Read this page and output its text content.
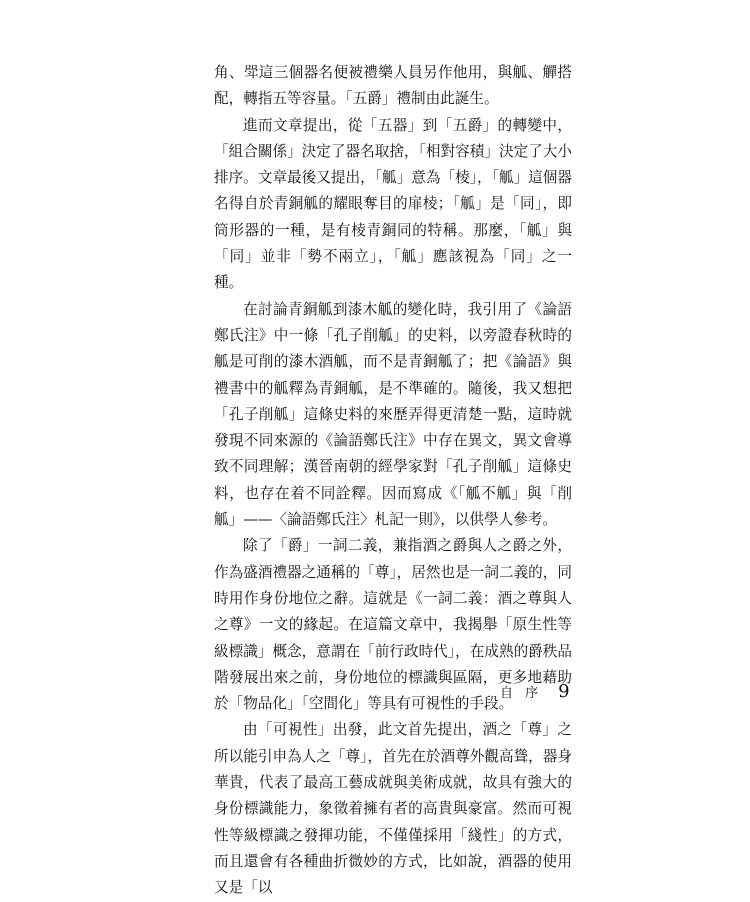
角、斝這三個器名便被禮樂人員另作他用，與觚、觶搭配，轉指五等容量。「五爵」禮制由此誕生。

進而文章提出，從「五器」到「五爵」的轉變中，「組合關係」決定了器名取捨，「相對容積」決定了大小排序。文章最後又提出，「觚」意為「棱」，「觚」這個器名得自於青銅觚的耀眼奪目的扉棱；「觚」是「同」，即筒形器的一種，是有棱青銅同的特稱。那麼，「觚」與「同」並非「勢不兩立」，「觚」應該視為「同」之一種。

在討論青銅觚到漆木觚的變化時，我引用了《論語鄭氏注》中一條「孔子削觚」的史料，以旁證春秋時的觚是可削的漆木酒觚，而不是青銅觚了；把《論語》與禮書中的觚釋為青銅觚，是不準確的。隨後，我又想把「孔子削觚」這條史料的來歷弄得更清楚一點，這時就發現不同來源的《論語鄭氏注》中存在異文，異文會導致不同理解；漢晉南朝的經學家對「孔子削觚」這條史料，也存在着不同詮釋。因而寫成《「觚不觚」與「削觚」——〈論語鄭氏注〉札記一則》，以供學人參考。

除了「爵」一詞二義，兼指酒之爵與人之爵之外，作為盛酒禮器之通稱的「尊」，居然也是一詞二義的，同時用作身份地位之辭。這就是《一詞二義：酒之尊與人之尊》一文的緣起。在這篇文章中，我揭舉「原生性等級標識」概念，意謂在「前行政時代」，在成熟的爵秩品階發展出來之前，身份地位的標識與區隔，更多地藉助於「物品化」「空間化」等具有可視性的手段。

由「可視性」出發，此文首先提出，酒之「尊」之所以能引申為人之「尊」，首先在於酒尊外觀高聳，器身華貴，代表了最高工藝成就與美術成就，故具有強大的身份標識能力，象徵着擁有者的高貴與豪富。然而可視性等級標識之發揮功能，不僅僅採用「綫性」的方式，而且還會有各種曲折微妙的方式，比如說，酒器的使用又是「以

自 序 9
